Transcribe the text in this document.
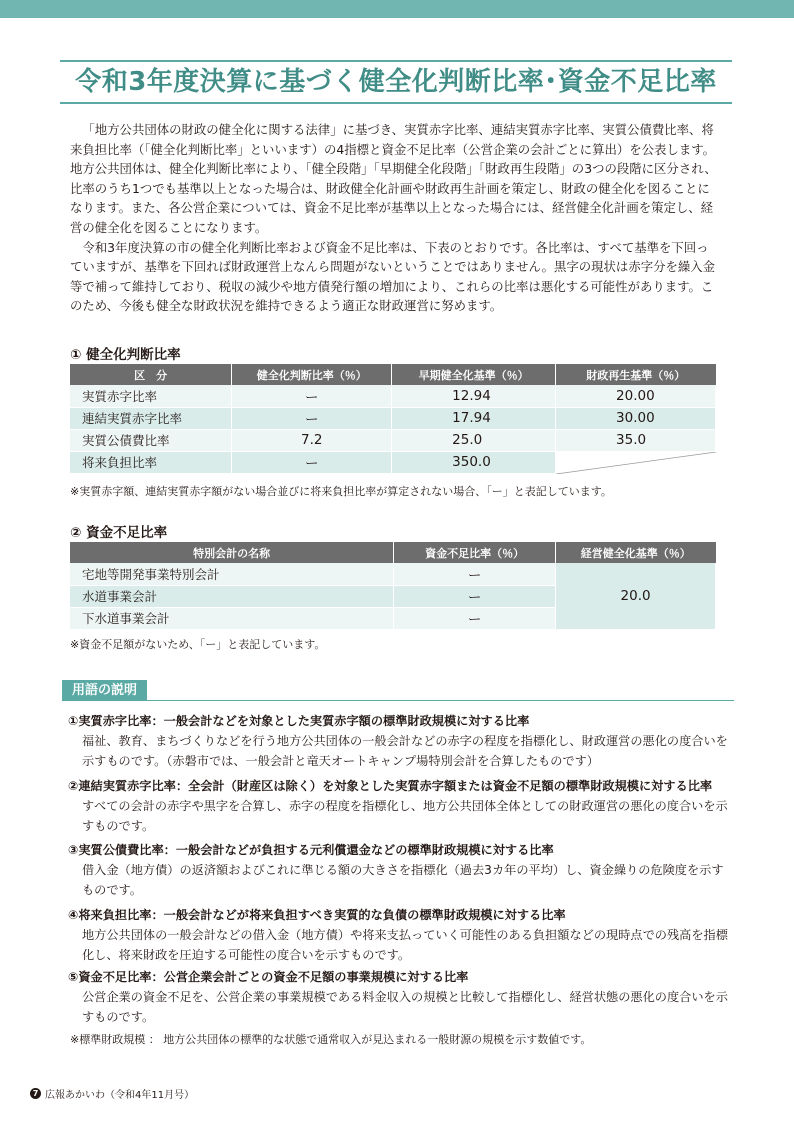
令和3年度決算に基づく健全化判断比率･資金不足比率

「地方公共団体の財政の健全化に関する法律」に基づき、実質赤字比率、連結実質赤字比率、実質公債費比率、将来負担比率（「健全化判断比率」といいます）の4指標と資金不足比率（公営企業の会計ごとに算出）を公表します。地方公共団体は、健全化判断比率により、「健全段階」「早期健全化段階」「財政再生段階」の3つの段階に区分され、比率のうち1つでも基準以上となった場合は、財政健全化計画や財政再生計画を策定し、財政の健全化を図ることになります。また、各公営企業については、資金不足比率が基準以上となった場合には、経営健全化計画を策定し、経営の健全化を図ることになります。

令和3年度決算の市の健全化判断比率および資金不足比率は、下表のとおりです。各比率は、すべて基準を下回っていますが、基準を下回れば財政運営上なんら問題がないということではありません。黒字の現状は赤字分を繰入金等で補って維持しており、税収の減少や地方債発行額の増加により、これらの比率は悪化する可能性があります。このため、今後も健全な財政状況を維持できるよう適正な財政運営に努めます。

① 健全化判断比率
区　分	健全化判断比率（％）	早期健全化基準（％）	財政再生基準（％）
実質赤字比率	ー	12.94	20.00
連結実質赤字比率	ー	17.94	30.00
実質公債費比率	7.2	25.0	35.0
将来負担比率	ー	350.0	
※実質赤字額、連結実質赤字額がない場合並びに将来負担比率が算定されない場合、「ー」と表記しています。
② 資金不足比率
特別会計の名称	資金不足比率（％）	経営健全化基準（％）
宅地等開発事業特別会計	ー	20.0
水道事業会計	ー	
下水道事業会計	ー	
※資金不足額がないため、「ー」と表記しています。
用語の説明
①実質赤字比率：一般会計などを対象とした実質赤字額の標準財政規模に対する比率
福祉、教育、まちづくりなどを行う地方公共団体の一般会計などの赤字の程度を指標化し、財政運営の悪化の度合いを示すものです。（赤磐市では、一般会計と竜天オートキャンプ場特別会計を合算したものです）
②連結実質赤字比率：全会計（財産区は除く）を対象とした実質赤字額または資金不足額の標準財政規模に対する比率
すべての会計の赤字や黒字を合算し、赤字の程度を指標化し、地方公共団体全体としての財政運営の悪化の度合いを示すものです。
③実質公債費比率：一般会計などが負担する元利償還金などの標準財政規模に対する比率
借入金（地方債）の返済額およびこれに準じる額の大きさを指標化（過去3カ年の平均）し、資金繰りの危険度を示すものです。
④将来負担比率：一般会計などが将来負担すべき実質的な負債の標準財政規模に対する比率
地方公共団体の一般会計などの借入金（地方債）や将来支払っていく可能性のある負担額などの現時点での残高を指標化し、将来財政を圧迫する可能性の度合いを示すものです。
⑤資金不足比率：公営企業会計ごとの資金不足額の事業規模に対する比率
公営企業の資金不足を、公営企業の事業規模である料金収入の規模と比較して指標化し、経営状態の悪化の度合いを示すものです。
※標準財政規模 ： 地方公共団体の標準的な状態で通常収入が見込まれる一般財源の規模を示す数値です。
7 広報あかいわ（令和4年11月号）
